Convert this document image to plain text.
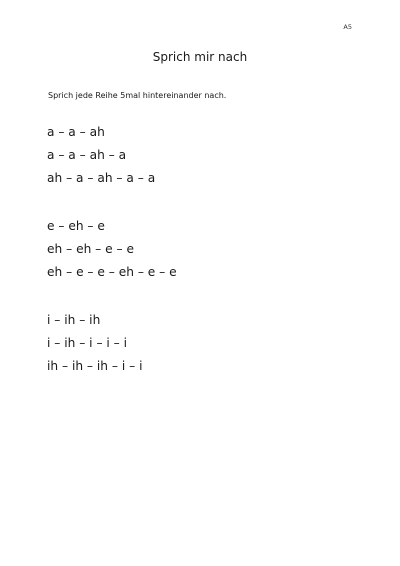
A5
Sprich mir nach
Sprich jede Reihe 5mal hintereinander nach.
a – a – ah
a – a – ah – a
ah – a – ah – a – a
e – eh – e
eh – eh – e – e
eh – e – e – eh – e – e
i – ih – ih
i – ih – i – i – i
ih – ih – ih – i – i
